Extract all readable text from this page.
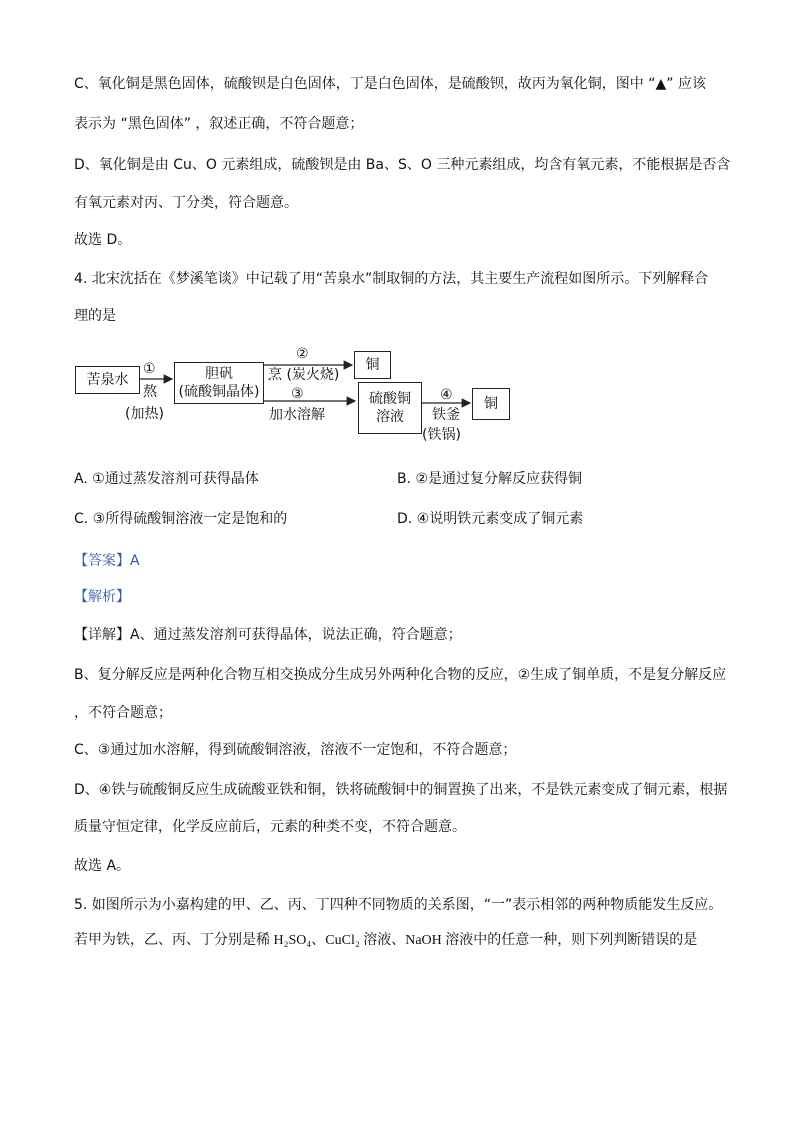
C、氧化铜是黑色固体，硫酸钡是白色固体，丁是白色固体，是硫酸钡，故丙为氧化铜，图中 “▲” 应该
表示为 “黑色固体” ，叙述正确，不符合题意；
D、氧化铜是由 Cu、O 元素组成，硫酸钡是由 Ba、S、O 三种元素组成，均含有氧元素，不能根据是否含
有氧元素对丙、丁分类，符合题意。
故选 D。
4. 北宋沈括在《梦溪笔谈》中记载了用“苦泉水”制取铜的方法，其主要生产流程如图所示。下列解释合
理的是
苦泉水	胆矾
(硫酸铜晶体)
铜
硫酸铜
溶液
铜
①
熬
(加热)
②
烹 (炭火烧)
③
加水溶解
④
铁釜
(铁锅)
A. ①通过蒸发溶剂可获得晶体	B. ②是通过复分解反应获得铜
C. ③所得硫酸铜溶液一定是饱和的	D. ④说明铁元素变成了铜元素
【答案】A
【解析】
【详解】A、通过蒸发溶剂可获得晶体，说法正确，符合题意；
B、复分解反应是两种化合物互相交换成分生成另外两种化合物的反应，②生成了铜单质，不是复分解反应
，不符合题意；
C、③通过加水溶解，得到硫酸铜溶液，溶液不一定饱和，不符合题意；
D、④铁与硫酸铜反应生成硫酸亚铁和铜，铁将硫酸铜中的铜置换了出来，不是铁元素变成了铜元素，根据
质量守恒定律，化学反应前后，元素的种类不变，不符合题意。
故选 A。
5. 如图所示为小嘉构建的甲、乙、丙、丁四种不同物质的关系图，“一”表示相邻的两种物质能发生反应。
若甲为铁，乙、丙、丁分别是稀 H₂SO₄、CuCl₂ 溶液、NaOH 溶液中的任意一种，则下列判断错误的是
